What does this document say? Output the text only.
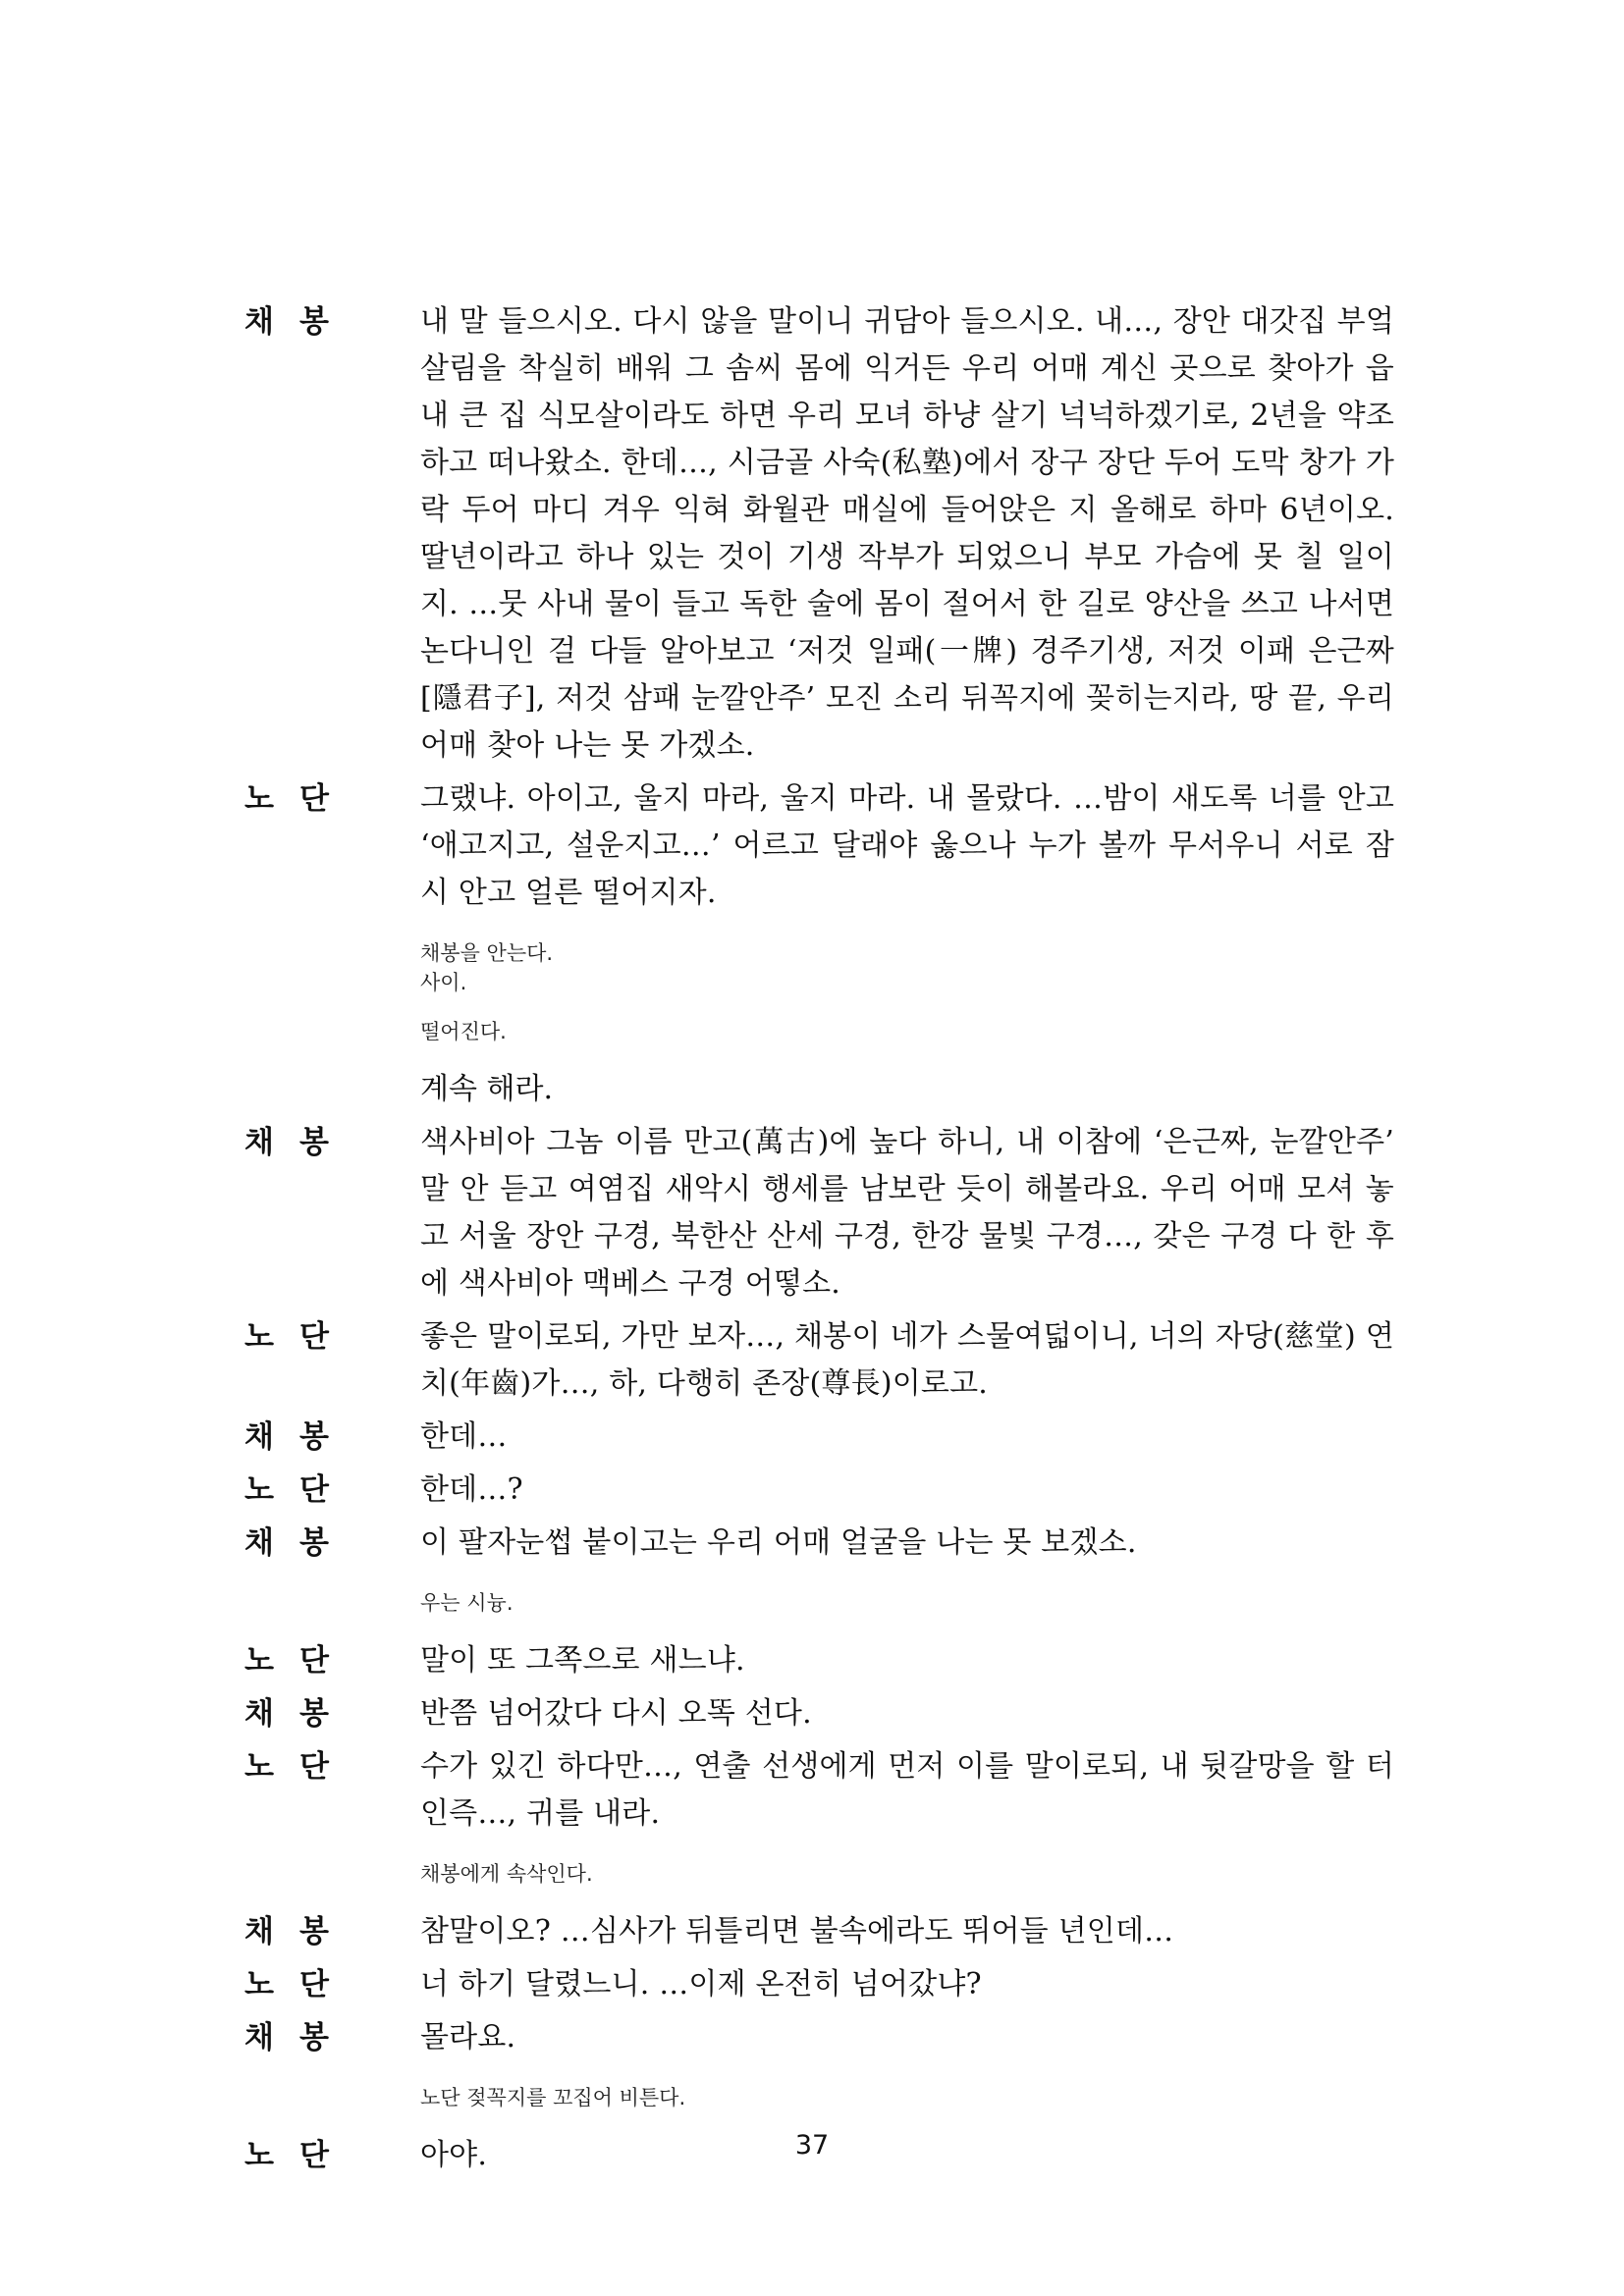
채 봉	내 말 들으시오. 다시 않을 말이니 귀담아 들으시오. 내…, 장안 대갓집 부엌살림을 착실히 배워 그 솜씨 몸에 익거든 우리 어매 계신 곳으로 찾아가 읍내 큰 집 식모살이라도 하면 우리 모녀 하냥 살기 넉넉하겠기로, 2년을 약조하고 떠나왔소. 한데…, 시금골 사숙(私塾)에서 장구 장단 두어 도막 창가 가락 두어 마디 겨우 익혀 화월관 매실에 들어앉은 지 올해로 하마 6년이오. 딸년이라고 하나 있는 것이 기생 작부가 되었으니 부모 가슴에 못 칠 일이지. …뭇 사내 물이 들고 독한 술에 몸이 절어서 한 길로 양산을 쓰고 나서면 논다니인 걸 다들 알아보고 ‘저것 일패(一牌) 경주기생, 저것 이패 은근짜[隱君子], 저것 삼패 눈깔안주’ 모진 소리 뒤꼭지에 꽂히는지라, 땅 끝, 우리 어매 찾아 나는 못 가겠소.
노 단	그랬냐. 아이고, 울지 마라, 울지 마라. 내 몰랐다. …밤이 새도록 너를 안고 ‘애고지고, 설운지고…’ 어르고 달래야 옳으나 누가 볼까 무서우니 서로 잠시 안고 얼른 떨어지자.
채봉을 안는다.
사이.
떨어진다.
계속 해라.
채 봉	색사비아 그놈 이름 만고(萬古)에 높다 하니, 내 이참에 ‘은근짜, 눈깔안주’ 말 안 듣고 여염집 새악시 행세를 남보란 듯이 해볼라요. 우리 어매 모셔 놓고 서울 장안 구경, 북한산 산세 구경, 한강 물빛 구경…, 갖은 구경 다 한 후에 색사비아 맥베스 구경 어떻소.
노 단	좋은 말이로되, 가만 보자…, 채봉이 네가 스물여덟이니, 너의 자당(慈堂) 연치(年齒)가…, 하, 다행히 존장(尊長)이로고.
채 봉	한데…
노 단	한데…?
채 봉	이 팔자눈썹 붙이고는 우리 어매 얼굴을 나는 못 보겠소.
우는 시늉.
노 단	말이 또 그쪽으로 새느냐.
채 봉	반쯤 넘어갔다 다시 오똑 선다.
노 단	수가 있긴 하다만…, 연출 선생에게 먼저 이를 말이로되, 내 뒷갈망을 할 터인즉…, 귀를 내라.
채봉에게 속삭인다.
채 봉	참말이오? …심사가 뒤틀리면 불속에라도 뛰어들 년인데…
노 단	너 하기 달렸느니. …이제 온전히 넘어갔냐?
채 봉	몰라요.
노단 젖꼭지를 꼬집어 비튼다.
노 단	아야.	37
